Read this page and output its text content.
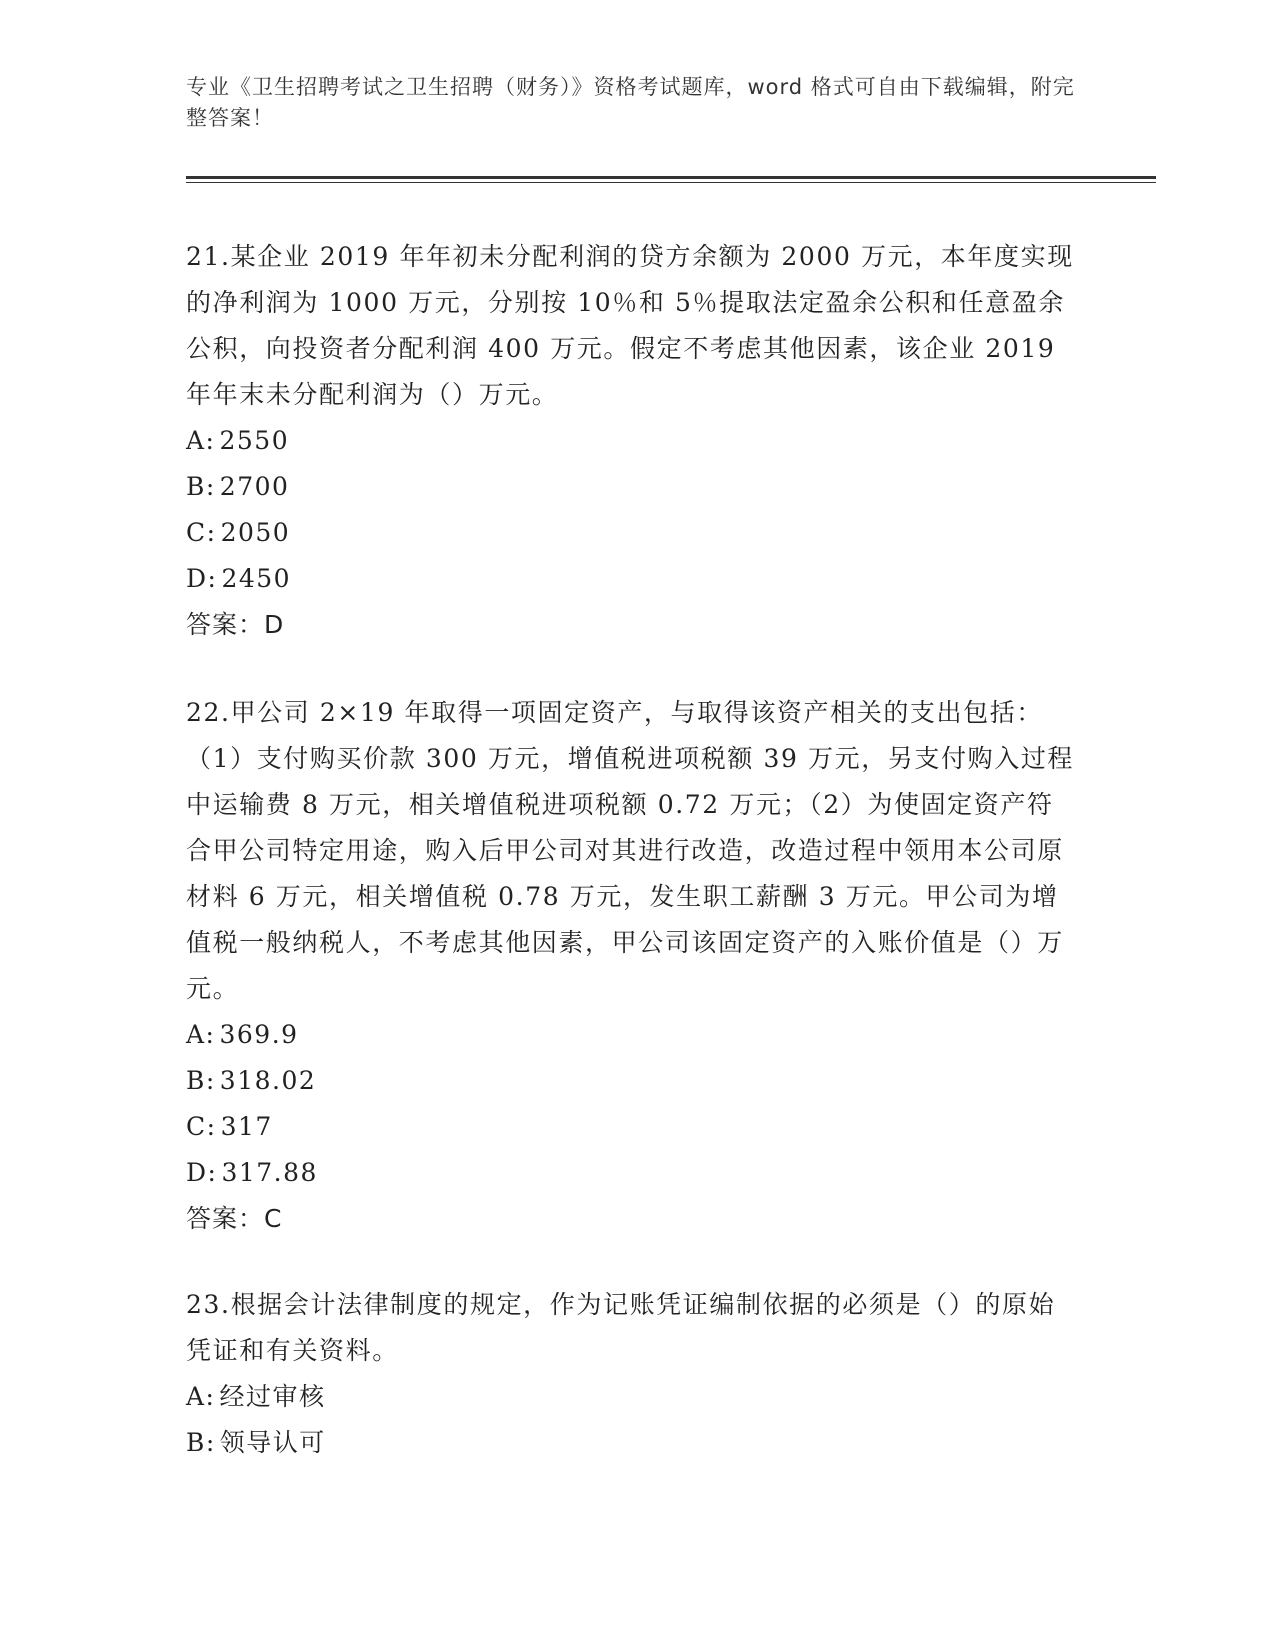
专业《卫生招聘考试之卫生招聘（财务）》资格考试题库，word 格式可自由下载编辑，附完整答案！

21.某企业 2019 年年初未分配利润的贷方余额为 2000 万元，本年度实现的净利润为 1000 万元，分别按 10％和 5％提取法定盈余公积和任意盈余公积，向投资者分配利润 400 万元。假定不考虑其他因素，该企业 2019 年年末未分配利润为（）万元。

A: 2550

B: 2700

C: 2050

D: 2450

答案：D

22.甲公司 2×19 年取得一项固定资产，与取得该资产相关的支出包括：（1）支付购买价款 300 万元，增值税进项税额 39 万元，另支付购入过程中运输费 8 万元，相关增值税进项税额 0.72 万元；（2）为使固定资产符合甲公司特定用途，购入后甲公司对其进行改造，改造过程中领用本公司原材料 6 万元，相关增值税 0.78 万元，发生职工薪酬 3 万元。甲公司为增值税一般纳税人，不考虑其他因素，甲公司该固定资产的入账价值是（）万元。

A: 369.9

B: 318.02

C: 317

D: 317.88

答案：C

23.根据会计法律制度的规定，作为记账凭证编制依据的必须是（）的原始凭证和有关资料。

A: 经过审核

B: 领导认可
